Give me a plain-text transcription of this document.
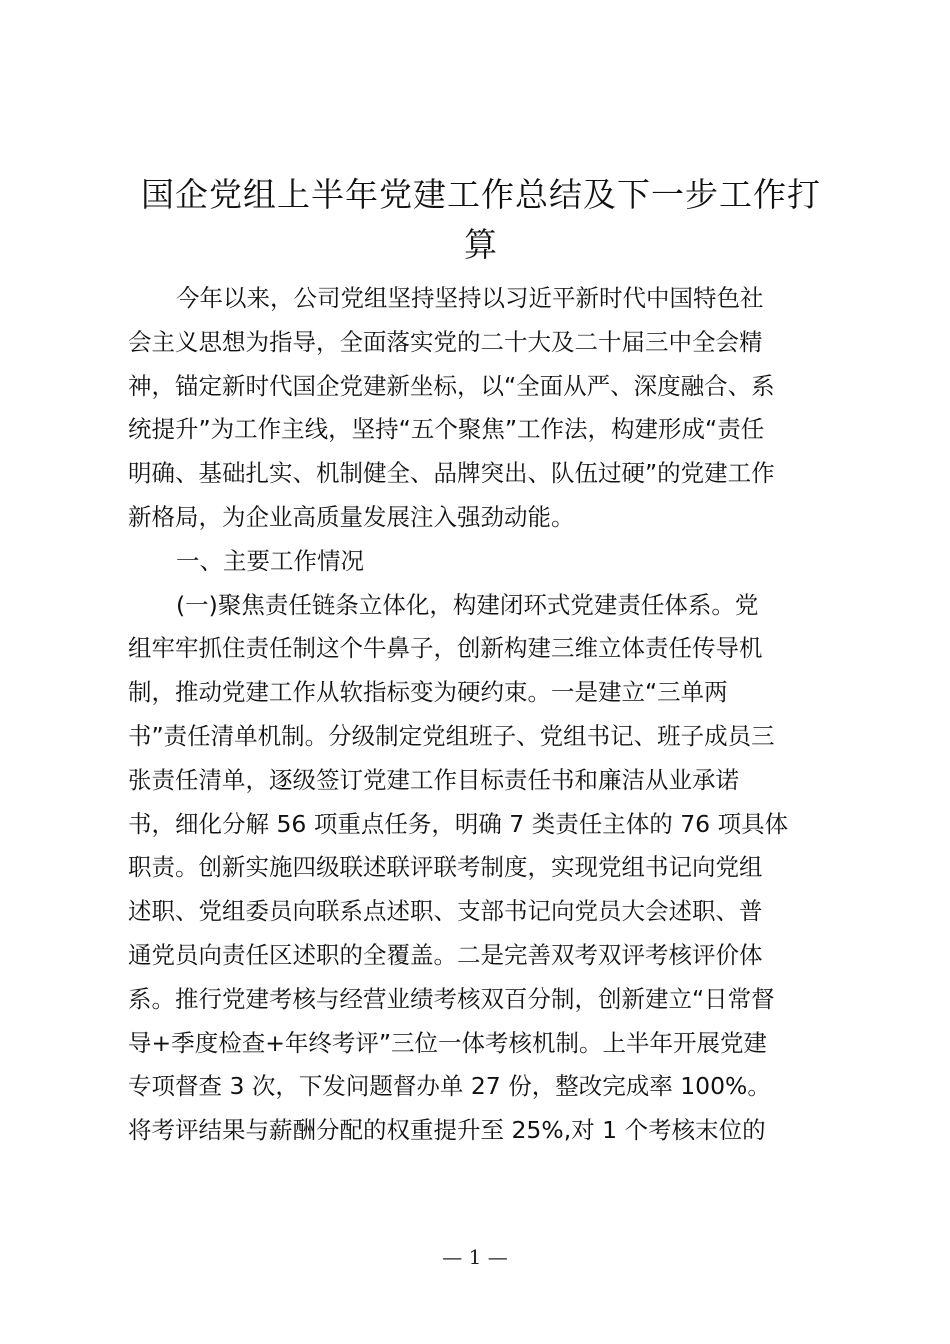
国企党组上半年党建工作总结及下一步工作打
算
今年以来，公司党组坚持坚持以习近平新时代中国特色社
会主义思想为指导，全面落实党的二十大及二十届三中全会精
神，锚定新时代国企党建新坐标，以“全面从严、深度融合、系
统提升”为工作主线，坚持“五个聚焦”工作法，构建形成“责任
明确、基础扎实、机制健全、品牌突出、队伍过硬”的党建工作
新格局，为企业高质量发展注入强劲动能。
一、主要工作情况
(一)聚焦责任链条立体化，构建闭环式党建责任体系。党
组牢牢抓住责任制这个牛鼻子，创新构建三维立体责任传导机
制，推动党建工作从软指标变为硬约束。一是建立“三单两
书”责任清单机制。分级制定党组班子、党组书记、班子成员三
张责任清单，逐级签订党建工作目标责任书和廉洁从业承诺
书，细化分解 56 项重点任务，明确 7 类责任主体的 76 项具体
职责。创新实施四级联述联评联考制度，实现党组书记向党组
述职、党组委员向联系点述职、支部书记向党员大会述职、普
通党员向责任区述职的全覆盖。二是完善双考双评考核评价体
系。推行党建考核与经营业绩考核双百分制，创新建立“日常督
导+季度检查+年终考评”三位一体考核机制。上半年开展党建
专项督查 3 次，下发问题督办单 27 份，整改完成率 100%。
将考评结果与薪酬分配的权重提升至 25%,对 1 个考核末位的
— 1 —
